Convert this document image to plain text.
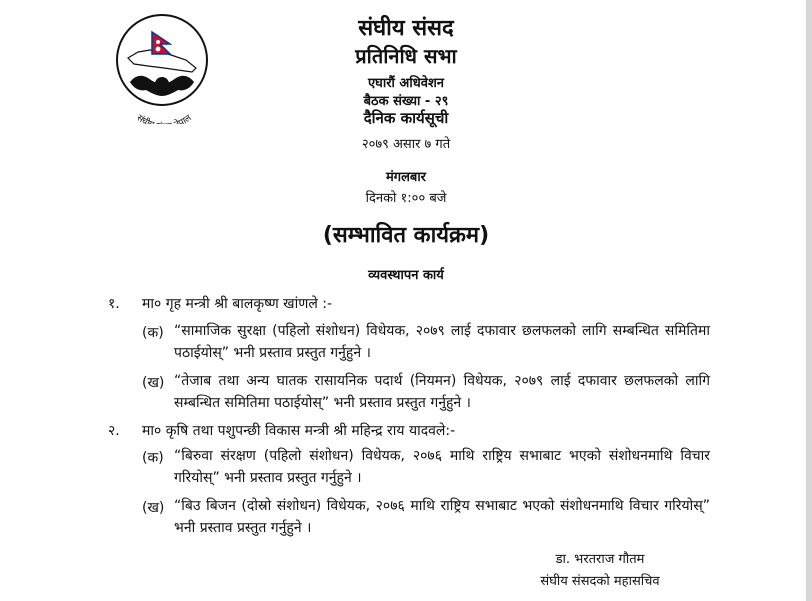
संघी पाल
संघीय संसद
प्रतिनिधि सभा
एघारौं अधिवेशन
बैठक संख्या - २९
दैनिक कार्यसूची
२०७९ असार ७ गते
मंगलबार
दिनको १:०० बजे
(सम्भावित कार्यक्रम)
व्यवस्थापन कार्य
१. मा० गृह मन्त्री श्री बालकृष्ण खांणले :-
(क) “सामाजिक सुरक्षा (पहिलो संशोधन) विधेयक, २०७९ लाई दफावार छलफलको लागि सम्बन्धित समितिमा पठाईयोस्” भनी प्रस्ताव प्रस्तुत गर्नुहुने ।
(ख) “तेजाब तथा अन्य घातक रासायनिक पदार्थ (नियमन) विधेयक, २०७९ लाई दफावार छलफलको लागि सम्बन्धित समितिमा पठाईयोस्” भनी प्रस्ताव प्रस्तुत गर्नुहुने ।
२. मा० कृषि तथा पशुपन्छी विकास मन्त्री श्री महिन्द्र राय यादवले:-
(क) “बिरुवा संरक्षण (पहिलो संशोधन) विधेयक, २०७६ माथि राष्ट्रिय सभाबाट भएको संशोधनमाथि विचार गरियोस्” भनी प्रस्ताव प्रस्तुत गर्नुहुने ।
(ख) “बिउ बिजन (दोस्रो संशोधन) विधेयक, २०७६ माथि राष्ट्रिय सभाबाट भएको संशोधनमाथि विचार गरियोस्” भनी प्रस्ताव प्रस्तुत गर्नुहुने ।
डा. भरतराज गौतम
संघीय संसदको महासचिव
